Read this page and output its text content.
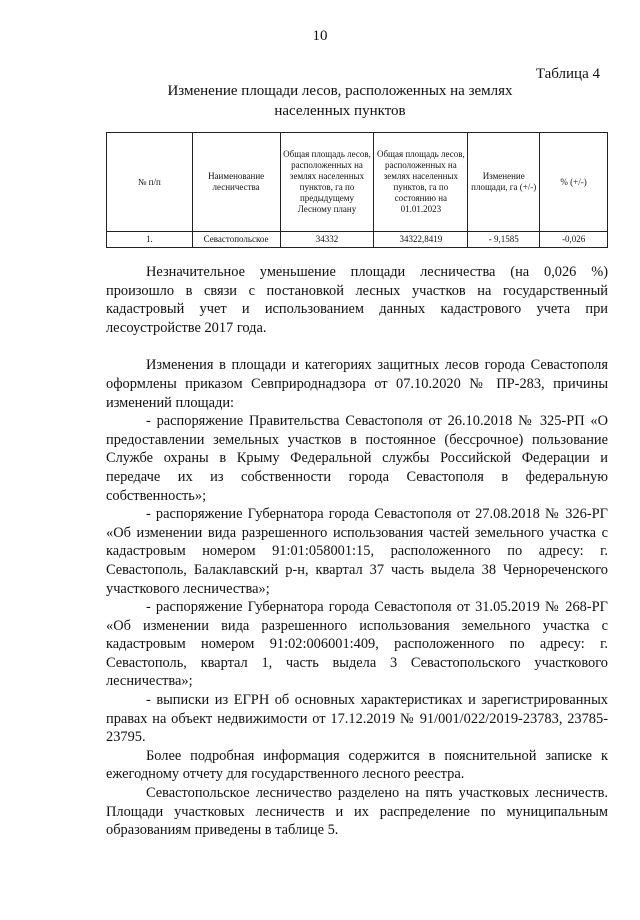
10
Таблица 4
Изменение площади лесов, расположенных на землях
населенных пунктов
№ п/п	Наименование лесничества	Общая площадь лесов, расположенных на землях населенных пунктов, га по предыдущему Лесному плану	Общая площадь лесов, расположенных на землях населенных пунктов, га по состоянию на 01.01.2023	Изменение площади, га (+/-)	% (+/-)
1.	Севастопольское	34332	34322,8419	- 9,1585	-0,026

Незначительное уменьшение площади лесничества (на 0,026 %) произошло в связи с постановкой лесных участков на государственный кадастровый учет и использованием данных кадастрового учета при лесоустройстве 2017 года.

Изменения в площади и категориях защитных лесов города Севастополя оформлены приказом Севприроднадзора от 07.10.2020 № ПР-283, причины изменений площади:

- распоряжение Правительства Севастополя от 26.10.2018 № 325-РП «О предоставлении земельных участков в постоянное (бессрочное) пользование Службе охраны в Крыму Федеральной службы Российской Федерации и передаче их из собственности города Севастополя в федеральную собственность»;

- распоряжение Губернатора города Севастополя от 27.08.2018 № 326-РГ «Об изменении вида разрешенного использования частей земельного участка с кадастровым номером 91:01:058001:15, расположенного по адресу: г. Севастополь, Балаклавский р-н, квартал 37 часть выдела 38 Чернореченского участкового лесничества»;

- распоряжение Губернатора города Севастополя от 31.05.2019 № 268-РГ «Об изменении вида разрешенного использования земельного участка с кадастровым номером 91:02:006001:409, расположенного по адресу: г. Севастополь, квартал 1, часть выдела 3 Севастопольского участкового лесничества»;

- выписки из ЕГРН об основных характеристиках и зарегистрированных правах на объект недвижимости от 17.12.2019 № 91/001/022/2019-23783, 23785-23795.

Более подробная информация содержится в пояснительной записке к ежегодному отчету для государственного лесного реестра.

Севастопольское лесничество разделено на пять участковых лесничеств. Площади участковых лесничеств и их распределение по муниципальным образованиям приведены в таблице 5.
